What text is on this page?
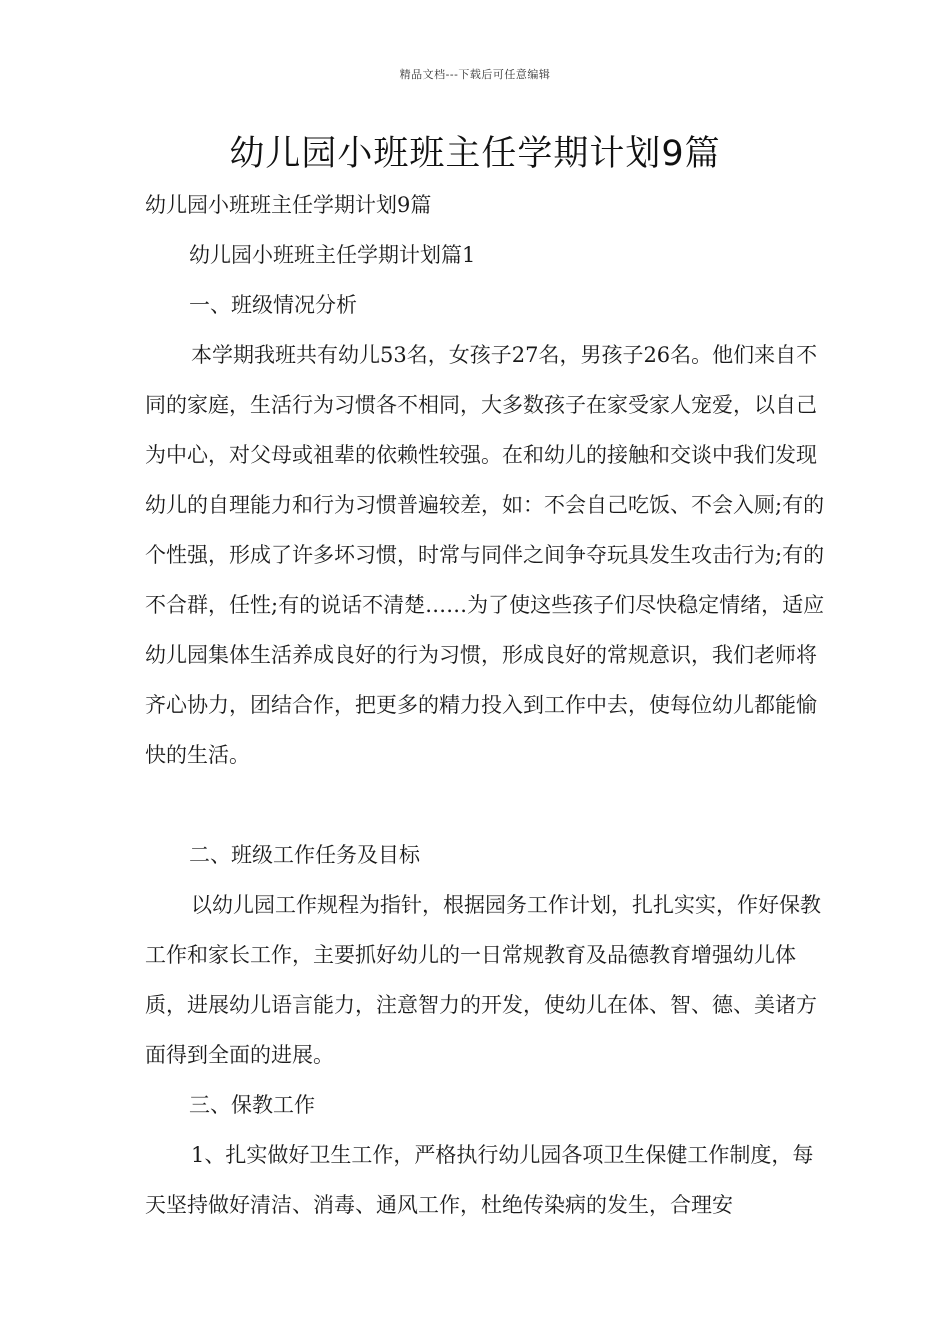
精品文档---下载后可任意编辑
幼儿园小班班主任学期计划9篇

幼儿园小班班主任学期计划9篇

幼儿园小班班主任学期计划篇1

一、班级情况分析

本学期我班共有幼儿53名，女孩子27名，男孩子26名。他们来自不同的家庭，生活行为习惯各不相同，大多数孩子在家受家人宠爱，以自己为中心，对父母或祖辈的依赖性较强。在和幼儿的接触和交谈中我们发现幼儿的自理能力和行为习惯普遍较差，如：不会自己吃饭、不会入厕;有的个性强，形成了许多坏习惯，时常与同伴之间争夺玩具发生攻击行为;有的不合群，任性;有的说话不清楚……为了使这些孩子们尽快稳定情绪，适应幼儿园集体生活养成良好的行为习惯，形成良好的常规意识，我们老师将齐心协力，团结合作，把更多的精力投入到工作中去，使每位幼儿都能愉快的生活。

二、班级工作任务及目标

以幼儿园工作规程为指针，根据园务工作计划，扎扎实实，作好保教工作和家长工作，主要抓好幼儿的一日常规教育及品德教育增强幼儿体质，进展幼儿语言能力，注意智力的开发，使幼儿在体、智、德、美诸方面得到全面的进展。

三、保教工作

1、扎实做好卫生工作，严格执行幼儿园各项卫生保健工作制度，每天坚持做好清洁、消毒、通风工作，杜绝传染病的发生，合理安
